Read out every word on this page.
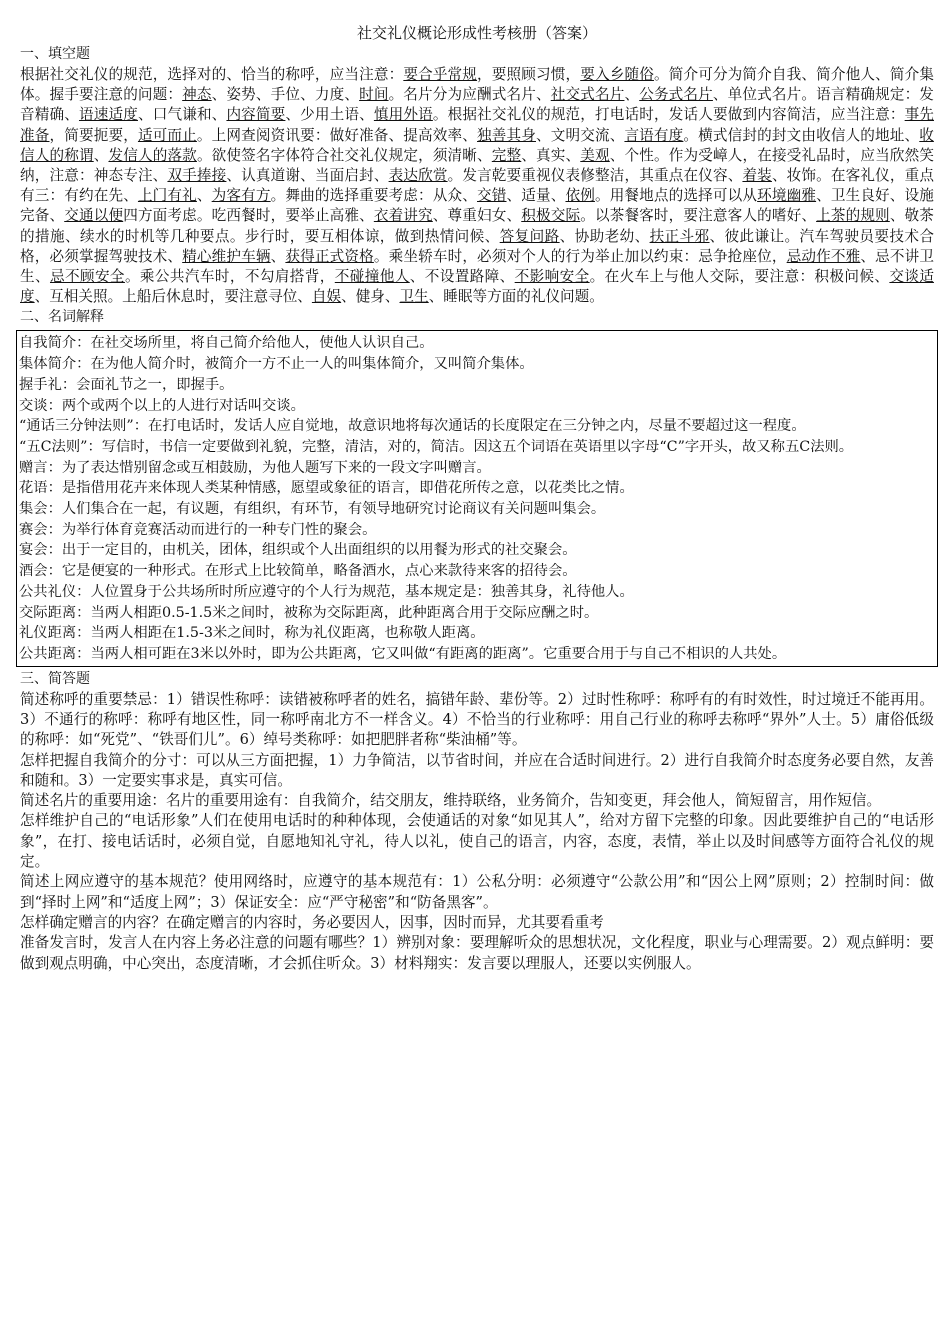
社交礼仪概论形成性考核册（答案）
一、填空题

根据社交礼仪的规范，选择对的、恰当的称呼，应当注意：要合乎常规，要照顾习惯，要入乡随俗。简介可分为简介自我、简介他人、简介集体。握手要注意的问题：神态、姿势、手位、力度、时间。名片分为应酬式名片、社交式名片、公务式名片、单位式名片。语言精确规定：发音精确、语速适度、口气谦和、内容简要、少用土语、慎用外语。根据社交礼仪的规范，打电话时，发话人要做到内容简洁，应当注意：事先准备，简要扼要，适可而止。上网查阅资讯要：做好准备、提高效率、独善其身、文明交流、言语有度。横式信封的封文由收信人的地址、收信人的称谓、发信人的落款。欲使签名字体符合社交礼仪规定，须清晰、完整、真实、美观、个性。作为受嶂人，在接受礼品时，应当欣然笑纳，注意：神态专注、双手捧接、认真道谢、当面启封、表达欣赏。发言乾要重视仪表修整洁，其重点在仪容、着装、妆饰。在客礼仪，重点有三：有约在先、上门有礼、为客有方。舞曲的选择重要考虑：从众、交错、适量、依例。用餐地点的选择可以从环境幽雅、卫生良好、设施完备、交通以便四方面考虑。吃西餐时，要举止高雅、衣着讲究、尊重妇女、积极交际。以茶餐客时，要注意客人的嗜好、上茶的规则、敬茶的措施、续水的时机等几种要点。步行时，要互相体谅，做到热情问候、答复问路、协助老幼、扶正斗邪、彼此谦让。汽车驾驶员要技术合格，必须掌握驾驶技术、精心维护车辆、获得正式资格。乘坐轿车时，必须对个人的行为举止加以约束：忌争抢座位，忌动作不雅、忌不讲卫生、忌不顾安全。乘公共汽车时，不勾肩搭背，不碰撞他人、不设置路障、不影响安全。在火车上与他人交际，要注意：积极问候、交谈适度、互相关照。上船后休息时，要注意寻位、自娱、健身、卫生、睡眠等方面的礼仪问题。

二、名词解释

自我简介：在社交场所里，将自己简介给他人，使他人认识自己。

集体简介：在为他人简介时，被简介一方不止一人的叫集体简介，又叫简介集体。

握手礼：会面礼节之一，即握手。

交谈：两个或两个以上的人进行对话叫交谈。

“通话三分钟法则”：在打电话时，发话人应自觉地，故意识地将每次通话的长度限定在三分钟之内，尽量不要超过这一程度。

“五C法则”：写信时，书信一定要做到礼貌，完整，清洁，对的，简洁。因这五个词语在英语里以字母“C”字开头，故又称五C法则。

赠言：为了表达惜别留念或互相鼓励，为他人题写下来的一段文字叫赠言。

花语：是指借用花卉来体现人类某种情感，愿望或象征的语言，即借花所传之意，以花类比之情。

集会：人们集合在一起，有议题，有组织，有环节，有领导地研究讨论商议有关问题叫集会。

赛会：为举行体育竞赛活动而进行的一种专门性的聚会。

宴会：出于一定目的，由机关，团体，组织或个人出面组织的以用餐为形式的社交聚会。

酒会：它是便宴的一种形式。在形式上比较简单，略备酒水，点心来款待来客的招待会。

公共礼仪：人位置身于公共场所时所应遵守的个人行为规范，基本规定是：独善其身，礼待他人。

交际距离：当两人相距0.5-1.5米之间时，被称为交际距离，此种距离合用于交际应酬之时。

礼仪距离：当两人相距在1.5-3米之间时，称为礼仪距离，也称敬人距离。

公共距离：当两人相可距在3米以外时，即为公共距离，它又叫做“有距离的距离”。它重要合用于与自己不相识的人共处。

三、简答题

简述称呼的重要禁忌：1）错误性称呼：读错被称呼者的姓名，搞错年龄、辈份等。2）过时性称呼：称呼有的有时效性，时过境迁不能再用。3）不通行的称呼：称呼有地区性，同一称呼南北方不一样含义。4）不恰当的行业称呼：用自己行业的称呼去称呼“界外”人士。5）庸俗低级的称呼：如“死党”、“铁哥们儿”。6）绰号类称呼：如把肥胖者称“柴油桶”等。

怎样把握自我简介的分寸：可以从三方面把握，1）力争简洁，以节省时间，并应在合适时间进行。2）进行自我简介时态度务必要自然，友善和随和。3）一定要实事求是，真实可信。

简述名片的重要用途：名片的重要用途有：自我简介，结交朋友，维持联络，业务简介，告知变更，拜会他人，简短留言，用作短信。

怎样维护自己的“电话形象”人们在使用电话时的种种体现，会使通话的对象“如见其人”，给对方留下完整的印象。因此要维护自己的“电话形象”，在打、接电话话时，必须自觉，自愿地知礼守礼，待人以礼，使自己的语言，内容，态度，表情，举止以及时间感等方面符合礼仪的规定。

简述上网应遵守的基本规范？使用网络时，应遵守的基本规范有：1）公私分明：必须遵守“公款公用”和“因公上网”原则；2）控制时间：做到“择时上网”和“适度上网”；3）保证安全：应“严守秘密”和“防备黑客”。

怎样确定赠言的内容？在确定赠言的内容时，务必要因人，因事，因时而异，尤其要看重考

准备发言时，发言人在内容上务必注意的问题有哪些？1）辨别对象：要理解听众的思想状况，文化程度，职业与心理需要。2）观点鲜明：要做到观点明确，中心突出，态度清晰，才会抓住听众。3）材料翔实：发言要以理服人，还要以实例服人。
